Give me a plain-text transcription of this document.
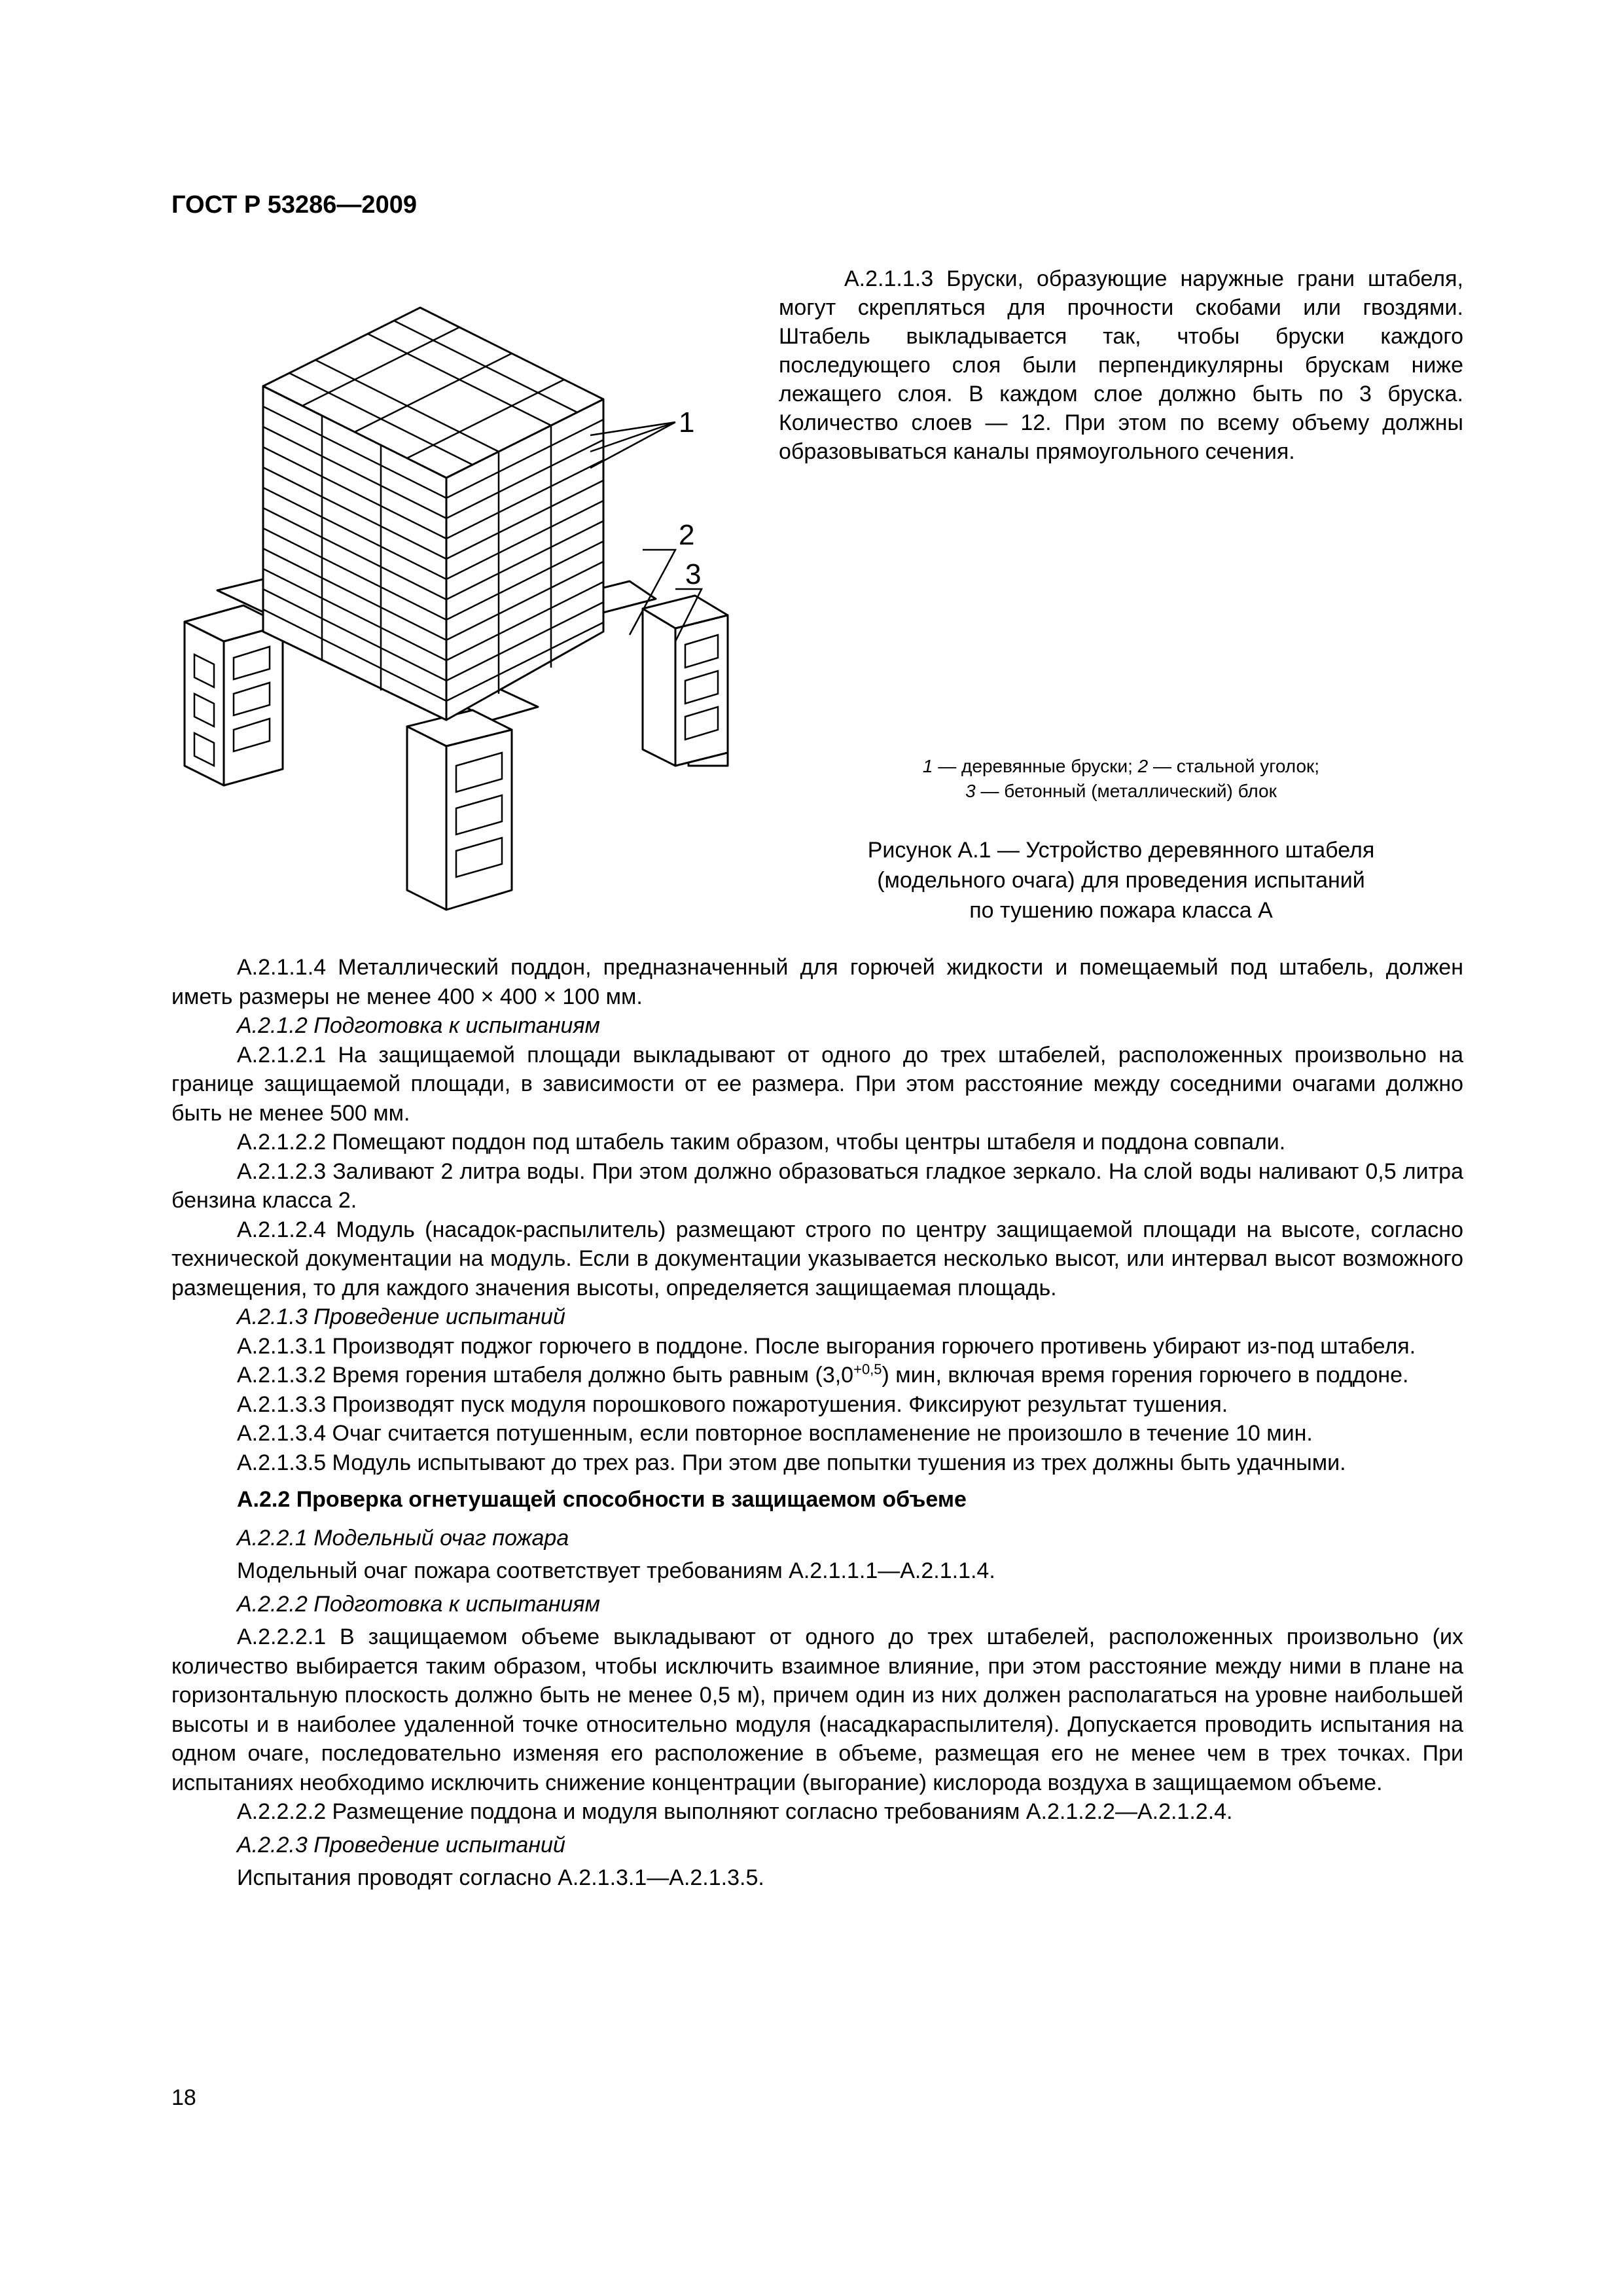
ГОСТ Р 53286—2009
1
2
3

А.2.1.1.3 Бруски, образующие наружные грани штабеля, могут скрепляться для прочности скобами или гвоздями. Штабель выкладывается так, чтобы бруски каждого последующего слоя были перпендикулярны брускам ниже лежащего слоя. В каждом слое должно быть по 3 бруска. Количество слоев — 12. При этом по всему объему должны образовываться каналы прямоугольного сечения.

1 — деревянные бруски; 2 — стальной уголок;
3 — бетонный (металлический) блок
Рисунок А.1 — Устройство деревянного штабеля
(модельного очага) для проведения испытаний
по тушению пожара класса А

А.2.1.1.4 Металлический поддон, предназначенный для горючей жидкости и помещаемый под штабель, должен иметь размеры не менее 400 × 400 × 100 мм.

А.2.1.2 Подготовка к испытаниям

А.2.1.2.1 На защищаемой площади выкладывают от одного до трех штабелей, расположенных произвольно на границе защищаемой площади, в зависимости от ее размера. При этом расстояние между соседними очагами должно быть не менее 500 мм.

А.2.1.2.2 Помещают поддон под штабель таким образом, чтобы центры штабеля и поддона совпали.

А.2.1.2.3 Заливают 2 литра воды. При этом должно образоваться гладкое зеркало. На слой воды наливают 0,5 литра бензина класса 2.

А.2.1.2.4 Модуль (насадок-распылитель) размещают строго по центру защищаемой площади на высоте, согласно технической документации на модуль. Если в документации указывается несколько высот, или интервал высот возможного размещения, то для каждого значения высоты, определяется защищаемая площадь.

А.2.1.3 Проведение испытаний

А.2.1.3.1 Производят поджог горючего в поддоне. После выгорания горючего противень убирают из-под штабеля.

А.2.1.3.2 Время горения штабеля должно быть равным $(3,0^{+0,5})$ мин, включая время горения горючего в поддоне.

А.2.1.3.3 Производят пуск модуля порошкового пожаротушения. Фиксируют результат тушения.

А.2.1.3.4 Очаг считается потушенным, если повторное воспламенение не произошло в течение 10 мин.

А.2.1.3.5 Модуль испытывают до трех раз. При этом две попытки тушения из трех должны быть удачными.

А.2.2 Проверка огнетушащей способности в защищаемом объеме

А.2.2.1 Модельный очаг пожара

Модельный очаг пожара соответствует требованиям А.2.1.1.1—А.2.1.1.4.

А.2.2.2 Подготовка к испытаниям

А.2.2.2.1 В защищаемом объеме выкладывают от одного до трех штабелей, расположенных произвольно (их количество выбирается таким образом, чтобы исключить взаимное влияние, при этом расстояние между ними в плане на горизонтальную плоскость должно быть не менее 0,5 м), причем один из них должен располагаться на уровне наибольшей высоты и в наиболее удаленной точке относительно модуля (насадкараспылителя). Допускается проводить испытания на одном очаге, последовательно изменяя его расположение в объеме, размещая его не менее чем в трех точках. При испытаниях необходимо исключить снижение концентрации (выгорание) кислорода воздуха в защищаемом объеме.

А.2.2.2.2 Размещение поддона и модуля выполняют согласно требованиям А.2.1.2.2—А.2.1.2.4.

А.2.2.3 Проведение испытаний

Испытания проводят согласно А.2.1.3.1—А.2.1.3.5.

18
